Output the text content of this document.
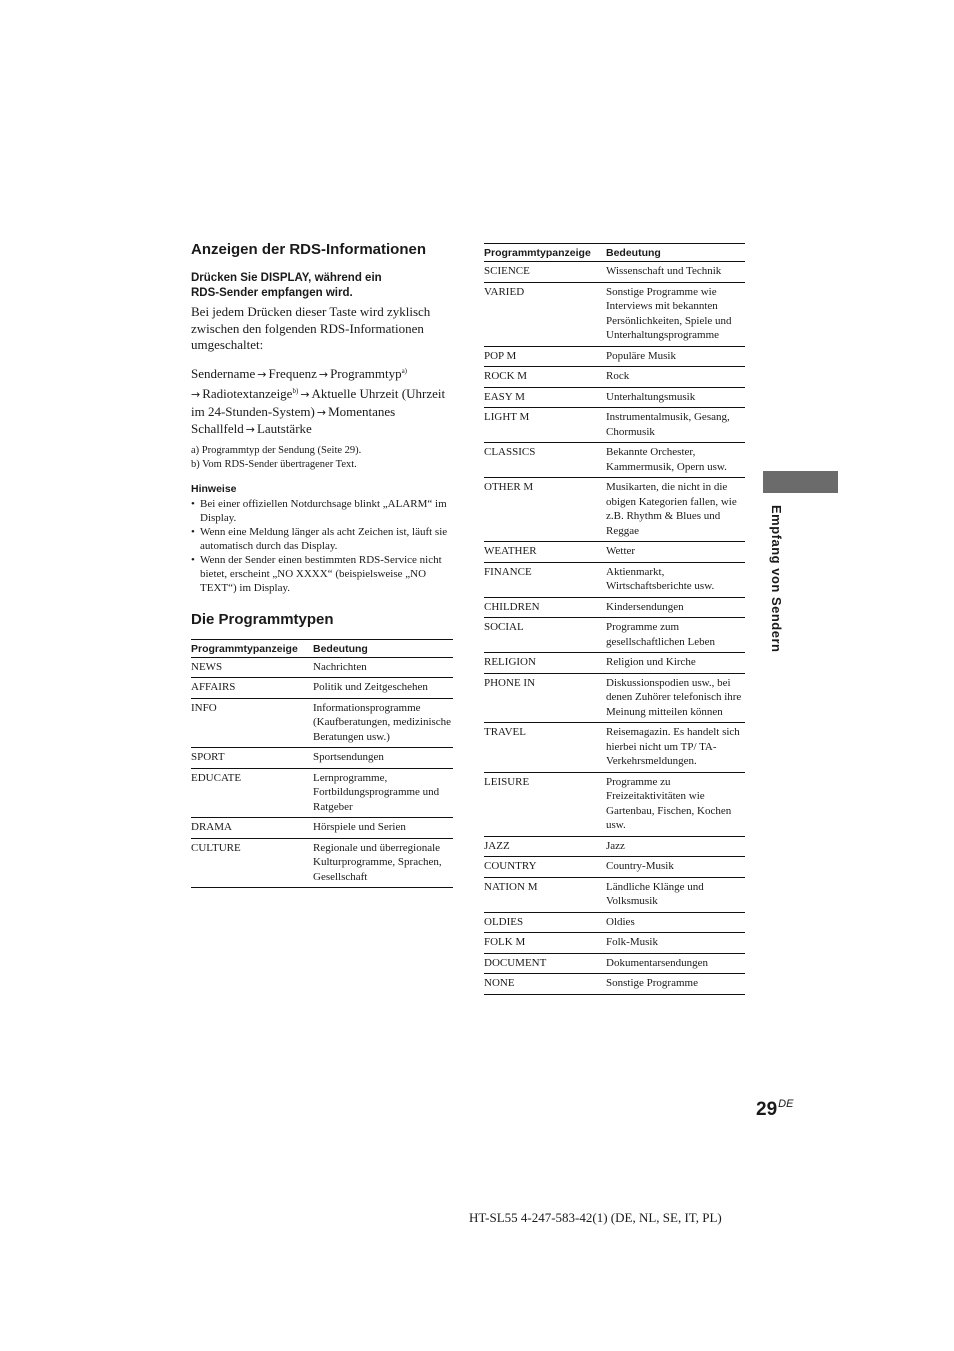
Anzeigen der RDS-Informationen

Drücken Sie DISPLAY, während ein
RDS-Sender empfangen wird.

Bei jedem Drücken dieser Taste wird zyklisch zwischen den folgenden RDS-Informationen umgeschaltet:

Sendername → Frequenz → Programmtyp$^{a)}$
→ Radiotextanzeige$^{b)}$ → Aktuelle Uhrzeit (Uhrzeit im 24-Stunden-System) → Momentanes Schallfeld → Lautstärke

a) Programmtyp der Sendung (Seite 29).
b) Vom RDS-Sender übertragener Text.
Hinweise
• Bei einer offiziellen Notdurchsage blinkt „ALARM“ im Display.
• Wenn eine Meldung länger als acht Zeichen ist, läuft sie automatisch durch das Display.
• Wenn der Sender einen bestimmten RDS-Service nicht bietet, erscheint „NO XXXX“ (beispielsweise „NO TEXT“) im Display.
Die Programmtypen
Programmtypanzeige	Bedeutung
NEWS	Nachrichten
AFFAIRS	Politik und Zeitgeschehen
INFO	Informationsprogramme (Kaufberatungen, medizinische Beratungen usw.)
SPORT	Sportsendungen
EDUCATE	Lernprogramme, Fortbildungsprogramme und Ratgeber
DRAMA	Hörspiele und Serien
CULTURE	Regionale und überregionale Kulturprogramme, Sprachen, Gesellschaft
Programmtypanzeige	Bedeutung
SCIENCE	Wissenschaft und Technik
VARIED	Sonstige Programme wie Interviews mit bekannten Persönlichkeiten, Spiele und Unterhaltungsprogramme
POP M	Populäre Musik
ROCK M	Rock
EASY M	Unterhaltungsmusik
LIGHT M	Instrumentalmusik, Gesang, Chormusik
CLASSICS	Bekannte Orchester, Kammermusik, Opern usw.
OTHER M	Musikarten, die nicht in die obigen Kategorien fallen, wie z.B. Rhythm & Blues und Reggae
WEATHER	Wetter
FINANCE	Aktienmarkt, Wirtschaftsberichte usw.
CHILDREN	Kindersendungen
SOCIAL	Programme zum gesellschaftlichen Leben
RELIGION	Religion und Kirche
PHONE IN	Diskussionspodien usw., bei denen Zuhörer telefonisch ihre Meinung mitteilen können
TRAVEL	Reisemagazin. Es handelt sich hierbei nicht um TP/ TA-Verkehrsmeldungen.
LEISURE	Programme zu Freizeitaktivitäten wie Gartenbau, Fischen, Kochen usw.
JAZZ	Jazz
COUNTRY	Country-Musik
NATION M	Ländliche Klänge und Volksmusik
OLDIES	Oldies
FOLK M	Folk-Musik
DOCUMENT	Dokumentarsendungen
NONE	Sonstige Programme
Empfang von Sendern
29DE
HT-SL55 4-247-583-42(1) (DE, NL, SE, IT, PL)
